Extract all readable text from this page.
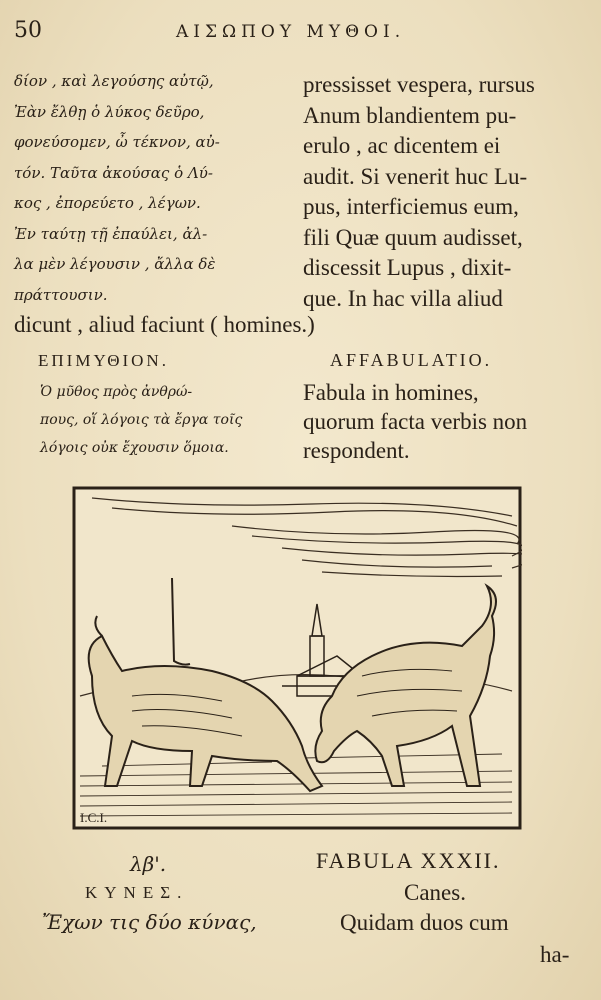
50	ΑΙΣΩΠΟΥ ΜΥΘΟΙ.
δίον , καὶ λεγούσης αὐτῷ,
Ἐὰν ἔλθῃ ὁ λύκος δεῦρο,
φονεύσομεν, ὦ τέκνον, αὐ-
τόν. Ταῦτα ἀκούσας ὁ Λύ-
κος , ἐπορεύετο , λέγων.
Ἐν ταύτῃ τῇ ἐπαύλει, ἀλ-
λα μὲν λέγουσιν , ἄλλα δὲ
πράττουσιν.
pressisset vespera, rursus
Anum blandientem pu-
erulo , ac dicentem ei
audit. Si venerit huc Lu-
pus, interficiemus eum,
fili Quæ quum audisset,
discessit Lupus , dixit-
que. In hac villa aliud
dicunt , aliud faciunt ( homines.)
ΕΠΙΜΥΘΙΟΝ.	AFFABULATIO.
Ὁ μῦθος πρὸς ἀνθρώ-
πους, οἵ λόγοις τὰ ἔργα τοῖς
λόγοις οὐκ ἔχουσιν ὅμοια.
Fabula in homines,
quorum facta verbis non
respondent.
I.C.I.
λβ'.
ΚΥΝΕΣ.
Ἔχων τις δύο κύνας,
FABULA XXXII.
Canes.
Quidam duos cum
ha-
